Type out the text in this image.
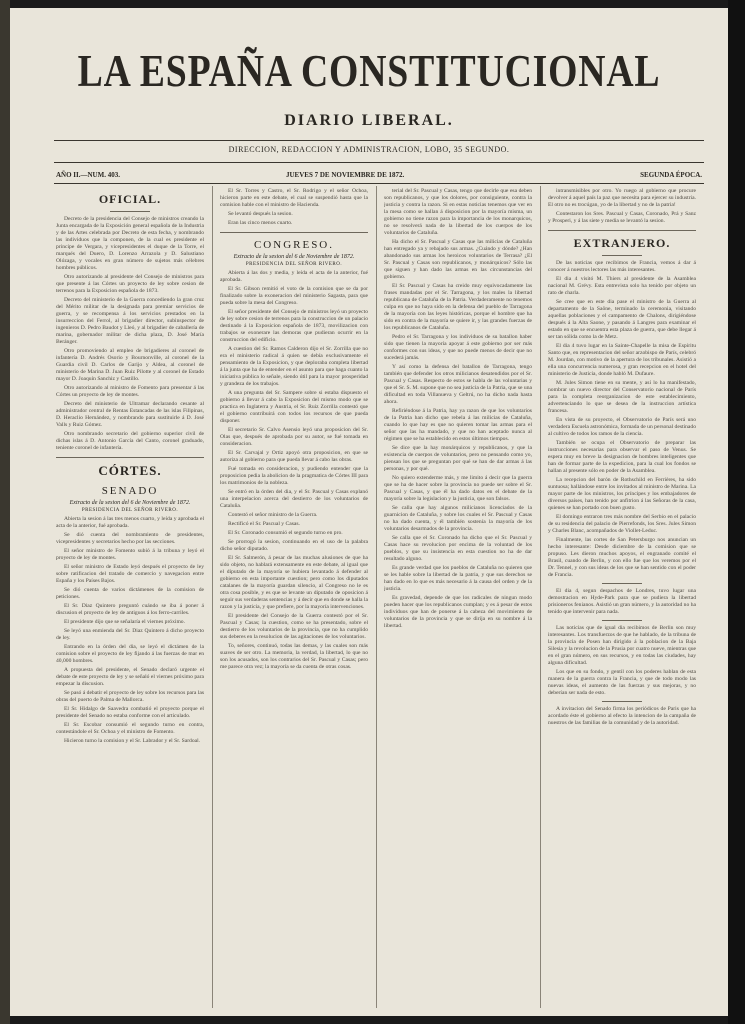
LA ESPAÑA CONSTITUCIONAL
DIARIO LIBERAL.
DIRECCION, REDACCION Y ADMINISTRACION, LOBO, 35 SEGUNDO.
AÑO II.—NUM. 403.	JUEVES 7 DE NOVIEMBRE DE 1872.	SEGUNDA ÉPOCA.
OFICIAL.

Decreto de la presidencia del Consejo de ministros creando la Junta encargada de la Exposición general española de la Industria y de las Artes celebrada por Decreto de esta fecha, y nombrando las individuos que la componen, de la cual es presidente el principe de Vergara, y vicepresidentes el duque de la Torre, el marqués del Duero, D. Lorenzo Arrazola y D. Salustiano Olózaga, y vocales en gran número de sujetos más célebres hombres públicos.

Otro autorizando al presidente del Consejo de ministros para que presente á las Córtes un proyecto de ley sobre cesion de terrenos para la Exposicion española de 1873.

Decreto del ministerio de la Guerra concediendo la gran cruz del Mérito militar de la designada para premiar servicios de guerra, y se recompensa á los servicios prestados en la insurreccion del Ferrol, al brigadier director, subinspector de ingenieros D. Pedro Baudot y Lleó, y al brigadier de caballería de marina, gobernador militar de dicha plaza, D. José María Beránger.

Otro promoviendo al empleo de brigadieres al coronel de infantería D. Andrés Osorio y Bournonville, al coronel de la Guardia civil D. Carlos de Garijo y Aldea, al coronel de ministerio de Marina D. Juan Ruiz Pilotte y al coronel de Estado mayor D. Joaquín Sanchiz y Castillo.

Otro autorizando al ministro de Fomento para presentar á las Córtes un proyecto de ley de montes.

Decreto del ministerio de Ultramar declarando cesante al administrador central de Rentas Estancadas de las islas Filipinas, D. Heraclio Hernández, y nombrando para sustituirle á D. José Valls y Ruiz Gómez.

Otro nombrando secretario del gobierno superior civil de dichas islas á D. Antonio García del Canto, coronel graduado, teniente coronel de infantería.

CÓRTES.
SENADO

Extracto de la sesion del 6 de Noviembre de 1872.

PRESIDENCIA DEL SEÑOR RIVERO.

Abierta la sesion á las tres menos cuarto, y leída y aprobada el acta de la anterior, fué aprobada.

Se dió cuenta del nombramiento de presidentes, vicepresidentes y secretarios hecho por las secciones.

El señor ministro de Fomento subió á la tribuna y leyó el proyecto de ley de montes.

El señor ministro de Estado leyó después el proyecto de ley sobre ratificacion del tratado de comercio y navegacion entre España y los Países Bajos.

Se dió cuenta de varios dictámenes de la comision de peticiones.

El Sr. Diaz Quintero preguntó cuándo se iba á poner á discusion el proyecto de ley de antiguos á los ferro-carriles.

El presidente dijo que se señalaría el viernes próximo.

Se leyó una enmienda del Sr. Diaz Quintero á dicho proyecto de ley.

Entrando en la órden del dia, se leyó el dictámen de la comision sobre el proyecto de ley fijando á las fuerzas de mar en 40,000 hombres.

A propuesta del presidente, el Senado declaró urgente el debate de este proyecto de ley y se señaló el viernes próximo para empezar la discusion.

Se pasó á debatir el proyecto de ley sobre los recursos para las obras del puerto de Palma de Mallorca.

El Sr. Hidalgo de Saavedra combatió el proyecto porque el presidente del Senado no estaba conforme con el articulado.

El Sr. Escobar consumió el segundo turno en contra, contestándole el Sr. Ochoa y el ministro de Fomento.

Hicieron turno la comision y el Sr. Labrador y el Sr. Sardoal.

El Sr. Torres y Castro, el Sr. Rodrigo y el señor Ochoa, hicieron parte en este debate, el cual se suspendió hasta que la comision hable con el ministro de Hacienda.

Se levantó después la sesion.

Eran las cinco menos cuarto.

CONGRESO.

Extracto de la sesion del 6 de Noviembre de 1872.

PRESIDENCIA DEL SEÑOR RIVERO.

Abierta á las dos y media, y leída el acta de la anterior, fué aprobada.

El Sr. Gibson remitió el voto de la comision que se da por finalizado sobre la exoneracion del ministerio Sagasta, para que pueda sobre la mesa del Congreso.

El señor presidente del Consejo de ministros leyó un proyecto de ley sobre cesion de terrenos para la construccion de un palacio destinado á la Exposicion española de 1873, movilizacion con trabajos se exonerare las demoras que pudieran ocurrir en la construccion del edificio.

A cuestion del Sr. Ramos Calderon dijo el Sr. Zorrilla que no era el ministerio radical á quien se debía exclusivamente el pensamiento de la Exposicion, y que deploraba completa libertad á la junta que ha de entender en el asunto para que haga cuanto la iniciativa pública lo señale, siendo útil para la mayor prosperidad y grandeza de los trabajos.

A una pregunta del Sr. Sampere sobre si estaba dispuesto el gobierno á llevar á cabo la Exposicion del mismo modo que se practica en Inglaterra y Austria, el Sr. Ruiz Zorrilla contestó que el gobierno contribuirá con todos los recursos de que pueda disponer.

El secretario Sr. Calvo Asensio leyó una proposicion del Sr. Olas que, después de aprobada por su autor, se fué tomada en consideracion.

El Sr. Carvajal y Ortiz apoyó otra proposicion, en que se autoriza al gobierno para que pueda llevar á cabo las obras.

Fué tomada en consideracion, y pudiendo entender que la proposicion pedia la abolicion de la pragmatica de Córtes III para los matrimonios de la nobleza.

Se entró en la órden del dia, y el Sr. Pascual y Casas explanó una interpelacion acerca del destierro de los voluntarios de Cataluña.

Contestó el señor ministro de la Guerra.

Rectificó el Sr. Pascual y Casas.

El Sr. Coronado consumió el segundo turno en pro.

Se prorrogó la sesion, continuando en el uso de la palabra dicho señor diputado.

El Sr. Salmerón, á pesar de las muchas alusiones de que ha sido objeto, no hablará extensamente en este debate, al igual que el diputado de la mayoría se hubiera levantado á defender al gobierno en esta importante cuestion; pero como los diputados catalanes de la mayoría guardan silencio, al Congreso no le es otra cosa posible, y es que se levante un diputado de oposicion á seguir sus verdaderas sentencias y á decir que en donde se halla la razon y la justicia, y que prefiere, por la mayoría intervenciones.

El presidente del Consejo de la Guerra contestó por el Sr. Pascual y Casas; la cuestion, como se ha presentado, sobre el destierro de los voluntarios de la provincia, que no ha cumplido sus deberes en la resolucion de las agitaciones de los voluntarios.

To, señores, continuó, todas las demas, y las cuales son más suaves de ser otro. La memoria, la verdad, la libertad, lo que no son los acusados, son los contrarios del Sr. Pascual y Casas; pero me parece otra vez; la mayoría se da cuenta de otras cosas.

terial del Sr. Pascual y Casas, tengo que decirle que esa deben son republicanos, y que los dolores, por consiguiente, contra la justicia y contra la razon. Si en estas noticias tenemos que ver en la mesa como se hallan á disposicion por la mayoría misma, un gobierno no tiene razon para la importancia de los monarquicos, no se resolverá nada de la libertad de los cuerpos de los voluntarios de Cataluña.

Ha dicho el Sr. Pascual y Casas que las milicias de Cataluña han entregado ya y rebajado sus armas. ¿Cuándo y dónde? ¿Han abandonado sus armas los heroicos voluntarios de Terrasa? ¿El Sr. Pascual y Casas son republicanos, y monárquicos? Sólo las que siguen y han dado las armas en las circunstancias del gobierno.

El Sr. Pascual y Casas ha creido muy equivocadamente las frases mandadas por el Sr. Tarragona, y los males la libertad republicana de Cataluña de la Patria. Verdaderamente no tenemos culpa en que no haya sido en la defensa del pueblo de Tarragona de la mayoría con las leyes históricas, porque el hombre que ha sido en contra de la mayoría se quiere ir, y las grandes fuerzas de los republicanos de Cataluña.

Pedro el Sr. Tarragona y los individuos de su batallon haber sido que tienen la mayoría apoyar á este gobierno por ser más conformes con sus ideas, y que no puede menos de decir que no sucederá jamás.

Y así como la defensa del batallon de Tarragona, tengo también que defender los otros milicianos desatendidos por el Sr. Pascual y Casas. Respecto de estos se habla de las voluntarias y que el Sr. S. M. supone que no sea justicia de la Patria, que se una dificultad en toda Villanueva y Geltrú, no ha dicho nada hasta ahora.

Refiriéndose á la Patria, hay ya razon de que los voluntarios de la Patria han dicho que rebela á las milicias de Cataluña, cuando lo que hay es que no quieren tomar las armas para el señor que las ha mandado, y que no han aceptado nunca al régimen que se ha establecido en estos últimos tiempos.

Se dice que la hay monárquicos y republicanos, y que la existencia de cuerpos de voluntarios, pero no pensando como yo, piensan los que se preguntan por qué se han de dar armas á las personas, y por qué.

No quiero extenderme más, y me limito á decir que la guerra que se ha de hacer sobre la provincia no puede ser sobre el Sr. Pascual y Casas, y que él ha dado datos en el debate de la mayoría sobre la legislacion y la justicia, que son falsos.

Se calla que hay algunos milicianos licenciados de la guarnicion de Cataluña, y sobre los cuales el Sr. Pascual y Casas no ha dado cuenta, y él también sostenía la mayoría de los voluntarios desarmados de la provincia.

Se calla que el Sr. Coronado ha dicho que el Sr. Pascual y Casas hace su revolucion por encima de la voluntad de los pueblos, y que su insistencia en esta cuestion no ha de dar resultado alguno.

Es grande verdad que los pueblos de Cataluña no quieren que se les hable sobre la libertad de la patria, y que sus derechos se han dado en lo que es más necesario á la causa del orden y de la justicia.

Es gravedad, depende de que los radicales de ningun modo pueden hacer que los republicanos cumplan; y es á pesar de estos individuos que han de ponerse á la cabeza del movimiento de voluntarios de la provincia y que se dirija en su nombre á la libertad.

intransmisibles por otro. Yo ruego al gobierno que procure devolver á aquel país la paz que necesita para ejercer su industria. El otro no es trocúgan, yo de la libertad y no de la patria!

Contestaron los Sres. Pascual y Casas, Coronado, Prá y Sanz y Prosperi, y á las siete y media se levantó la sesion.

EXTRANJERO.

De las noticias que recibimos de Francia, vemos á dar á conocer á nuestros lectores las más interesantes.

El dia 4 visitó M. Thiers al presidente de la Asamblea nacional M. Grévy. Esta entrevista solo ha tenido por objeto un rato de charla.

Se cree que en este dia pase el ministro de la Guerra al departamento de la Saône, terminado la ceremonia, visitando aquellas poblaciones y el campamento de Chalons, dirigiéndose después á la Alta Saone, y pasando á Langres para examinar el estado en que se encuentra esta plaza de guerra, que debe llegar á ser tan sólida como la de Metz.

El dia 4 tuvo lugar en la Sainte-Chapelle la misa de Espíritu Santo que, en representacion del señor arzobispo de París, celebró M. Jourdan, con motivo de la apertura de los tribunales. Asistió a ella una concurrencia numerosa, y gran recepcion en el hotel del ministerio de Justicia, donde habló M. Dufaure.

M. Jules Simon tiene en su mente, y así lo ha manifestado, nombrar un nuevo director del Conservatorio nacional de París para la completa reorganizacion de este establecimiento, advertenciando lo que se desea de la instruccion artística francesa.

En vista de su proyecto, el Observatorio de París será uno verdadera Escuela astronómica, formada de un personal destinado al cultivo de todos los ramos de la ciencia.

También se ocupa el Observatorio de preparar las instrucciones necesarias para observar el paso de Venus. Se espera muy en breve la designacion de hombres inteligentes que han de formar parte de la expedicion, para la cual los fondos se hallan al presente sólo en poder de la Asamblea.

La recepcion del barón de Rothschild en Ferrières, ha sido suntuosa; hallándose entre los invitados al ministro de Marina. La mayor parte de los ministros, los príncipes y los embajadores de diversos países, han tenido por anfitrion á las Señoras de la casa, quienes se han portado con buen gusto.

El domingo entraron tres más nombre del Serbio en el palacio de su residencia del palacio de Pierrefonds, los Sres. Jules Simon y Charles Blanc, acompañados de Viollet-Leduc.

Finalmente, las cortes de San Petersburgo nos anuncian un hecho interesante: Desde diciembre de la comision que se propuso. Les dieron muchos apoyos, el engranado comité el Brasil, cuando de Berlin, y con ello fue que los veremos por el Dr. Tennel, y con sus ideas de los que se han sentido con el poder de Francia.

El dia 4, segun despachos de Londres, tuvo lugar una demostracion en Hyde-Park para que se pudiera la libertad prisioneros fenianos. Asistió un gran número, y la autoridad no ha tenido que intervenir para nada.

Las noticias que de igual dia recibimos de Berlin son muy interesantes. Los transfuerzos de que he hablado, de la tribuna de la provincia de Posen han dirigido á la poblacion de la Baja Silesia y la revolucion de la Prusia por cuatro nueve, mientras que en el gran número, en sus recursos, y en todas las ciudades, hay alguna dificultad.

Los que en su fondo, y gentil con los poderes hablan de esta manera de la guerra contra la Francia, y que de todo modo las nuevas ideas, el aumento de las fuerzas y sus mejoras, y no deberían ser nada de esto.

A invitacion del Senado firma los periódicos de Paris que ha acordado éste el gobierno al efecto la intencion de la campaña de nuestros de las familias de la comunidad y de la autoridad.
